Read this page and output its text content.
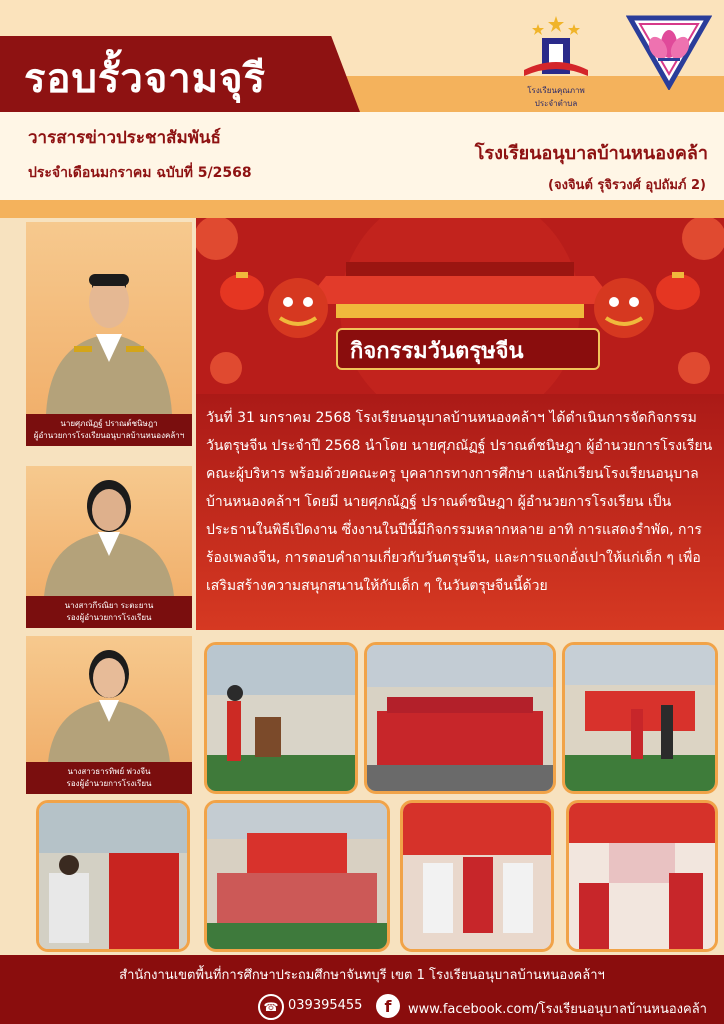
รอบรั้วจามจุรี	โรงเรียนคุณภาพ
ประจำตำบล
วารสารข่าวประชาสัมพันธ์
ประจำเดือนมกราคม ฉบับที่ 5/2568
โรงเรียนอนุบาลบ้านหนองคล้า
(จงจินต์ รุจิรวงศ์ อุปถัมภ์ 2)
นายศุภณัฏฐ์ ปราณต์ชนิษฎา
ผู้อำนวยการโรงเรียนอนุบาลบ้านหนองคล้าฯ
นางสาวกีรณิยา ระตะยาน
รองผู้อำนวยการโรงเรียน
นางสาวธารทิพย์ พ่วงจีน
รองผู้อำนวยการโรงเรียน
กิจกรรมวันตรุษจีน
วันที่ 31 มกราคม 2568 โรงเรียนอนุบาลบ้านหนองคล้าฯ ได้ดำเนินการจัดกิจกรรมวันตรุษจีน ประจำปี 2568 นำโดย นายศุภณัฏฐ์ ปราณต์ชนิษฎา ผู้อำนวยการโรงเรียน คณะผู้บริหาร พร้อมด้วยคณะครู บุคลากรทางการศึกษา แลนักเรียนโรงเรียนอนุบาลบ้านหนองคล้าฯ โดยมี นายศุภณัฏฐ์ ปราณต์ชนิษฎา ผู้อำนวยการโรงเรียน เป็นประธานในพิธีเปิดงาน ซึ่งงานในปีนี้มีกิจกรรมหลากหลาย อาทิ การแสดงรำพัด, การร้องเพลงจีน, การตอบคำถามเกี่ยวกับวันตรุษจีน, และการแจกอั่งเปาให้แก่เด็ก ๆ เพื่อเสริมสร้างความสนุกสนานให้กับเด็ก ๆ ในวันตรุษจีนนี้ด้วย
สำนักงานเขตพื้นที่การศึกษาประถมศึกษาจันทบุรี เขต 1 โรงเรียนอนุบาลบ้านหนองคล้าฯ
☎ 039395455	f	www.facebook.com/โรงเรียนอนุบาลบ้านหนองคล้า
